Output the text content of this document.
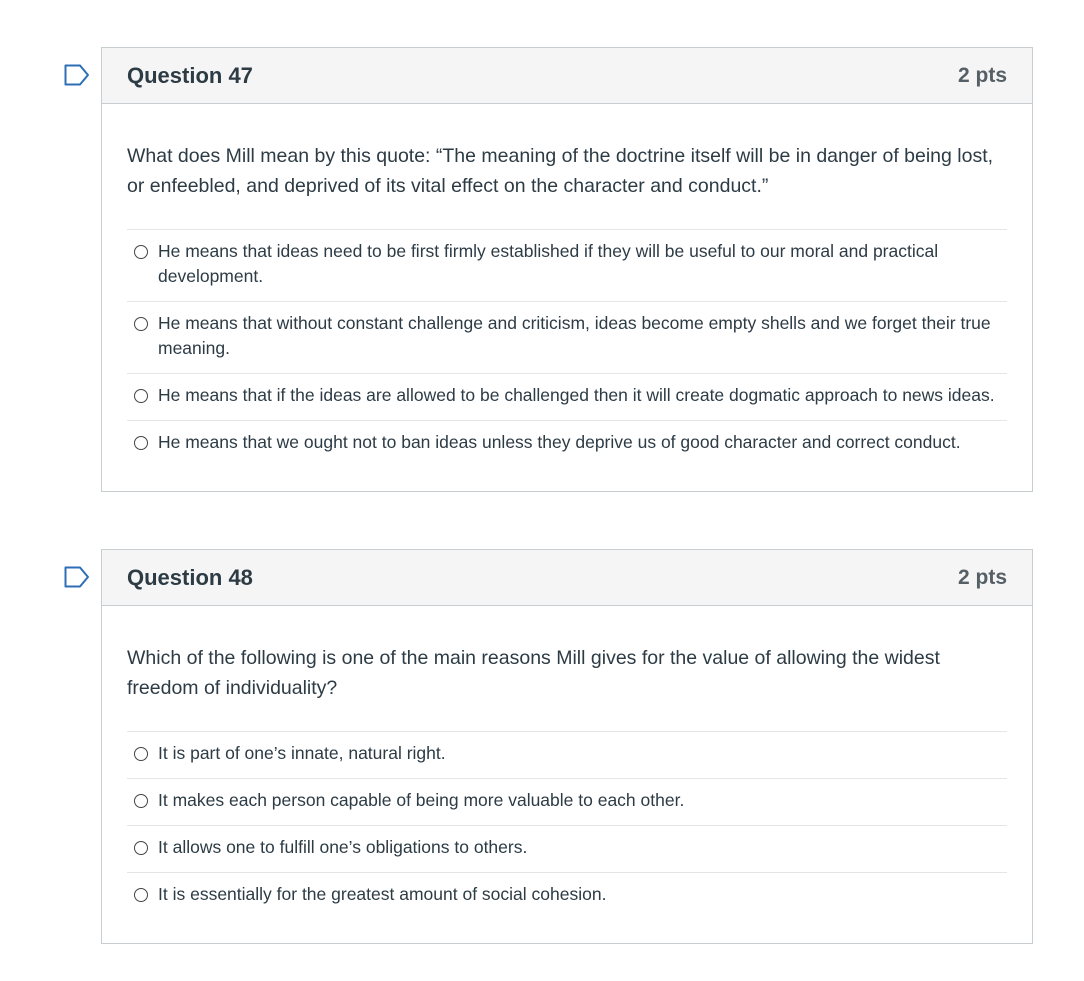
Question 47	2 pts

What does Mill mean by this quote: “The meaning of the doctrine itself will be in danger of being lost, or enfeebled, and deprived of its vital effect on the character and conduct.”

He means that ideas need to be first firmly established if they will be useful to our moral and practical development.
He means that without constant challenge and criticism, ideas become empty shells and we forget their true meaning.
He means that if the ideas are allowed to be challenged then it will create dogmatic approach to news ideas.
He means that we ought not to ban ideas unless they deprive us of good character and correct conduct.
Question 48	2 pts

Which of the following is one of the main reasons Mill gives for the value of allowing the widest freedom of individuality?

It is part of one’s innate, natural right.
It makes each person capable of being more valuable to each other.
It allows one to fulfill one’s obligations to others.
It is essentially for the greatest amount of social cohesion.
